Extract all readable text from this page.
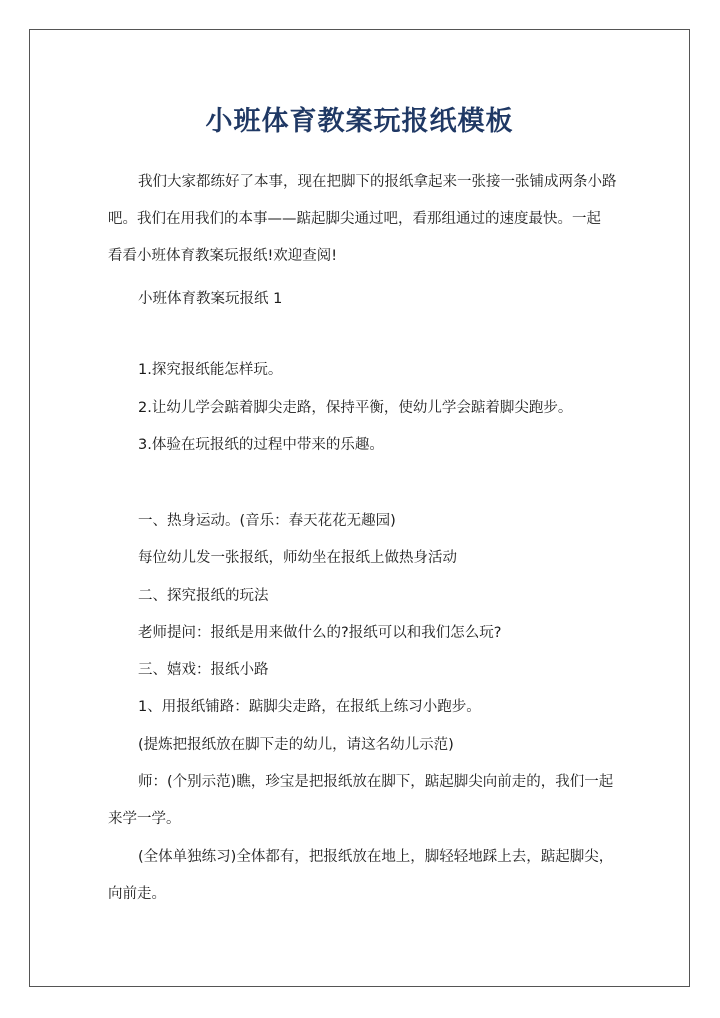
小班体育教案玩报纸模板

我们大家都练好了本事，现在把脚下的报纸拿起来一张接一张铺成两条小路

吧。我们在用我们的本事——踮起脚尖通过吧，看那组通过的速度最快。一起

看看小班体育教案玩报纸!欢迎查阅!

小班体育教案玩报纸 1

1.探究报纸能怎样玩。

2.让幼儿学会踮着脚尖走路，保持平衡，使幼儿学会踮着脚尖跑步。

3.体验在玩报纸的过程中带来的乐趣。

一、热身运动。(音乐：春天花花无趣园)

每位幼儿发一张报纸，师幼坐在报纸上做热身活动

二、探究报纸的玩法

老师提问：报纸是用来做什么的?报纸可以和我们怎么玩?

三、嬉戏：报纸小路

1、用报纸铺路：踮脚尖走路，在报纸上练习小跑步。

(提炼把报纸放在脚下走的幼儿，请这名幼儿示范)

师：(个别示范)瞧，珍宝是把报纸放在脚下，踮起脚尖向前走的，我们一起

来学一学。

(全体单独练习)全体都有，把报纸放在地上，脚轻轻地踩上去，踮起脚尖，

向前走。
